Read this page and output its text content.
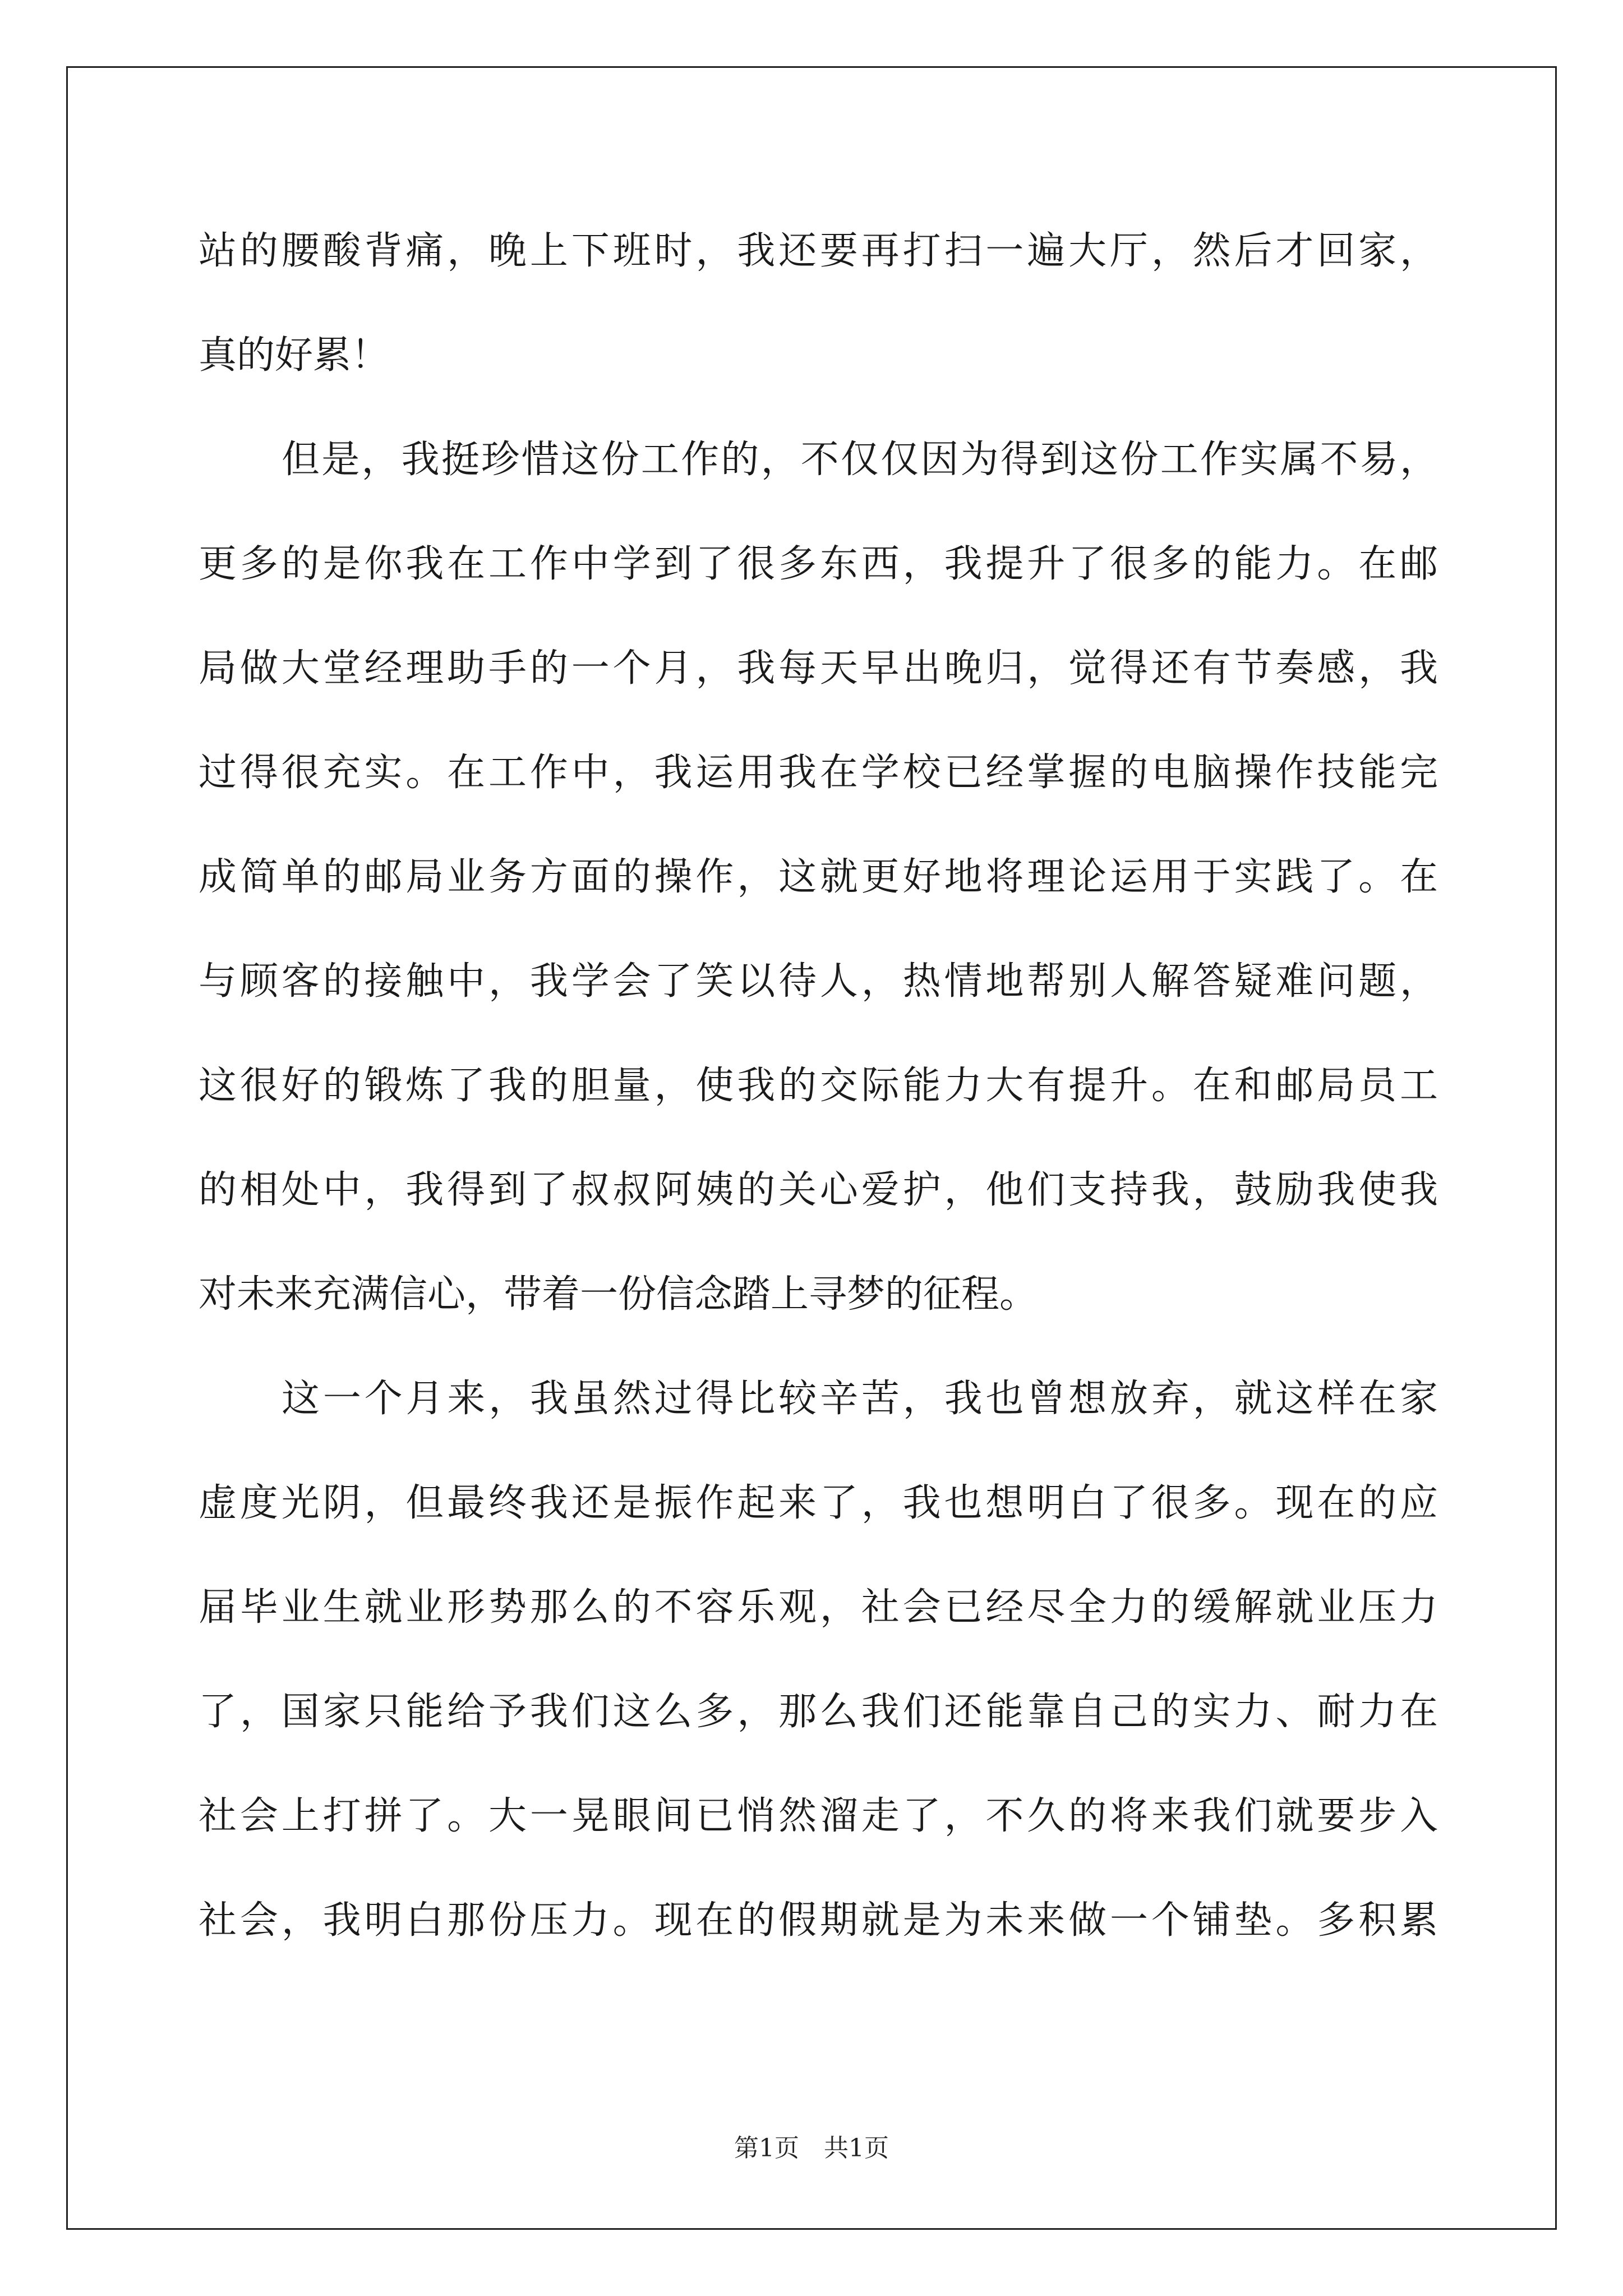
站的腰酸背痛，晚上下班时，我还要再打扫一遍大厅，然后才回家，
真的好累！
但是，我挺珍惜这份工作的，不仅仅因为得到这份工作实属不易，
更多的是你我在工作中学到了很多东西，我提升了很多的能力。在邮
局做大堂经理助手的一个月，我每天早出晚归，觉得还有节奏感，我
过得很充实。在工作中，我运用我在学校已经掌握的电脑操作技能完
成简单的邮局业务方面的操作，这就更好地将理论运用于实践了。在
与顾客的接触中，我学会了笑以待人，热情地帮别人解答疑难问题，
这很好的锻炼了我的胆量，使我的交际能力大有提升。在和邮局员工
的相处中，我得到了叔叔阿姨的关心爱护，他们支持我，鼓励我使我
对未来充满信心，带着一份信念踏上寻梦的征程。
这一个月来，我虽然过得比较辛苦，我也曾想放弃，就这样在家
虚度光阴，但最终我还是振作起来了，我也想明白了很多。现在的应
届毕业生就业形势那么的不容乐观，社会已经尽全力的缓解就业压力
了，国家只能给予我们这么多，那么我们还能靠自己的实力、耐力在
社会上打拼了。大一晃眼间已悄然溜走了，不久的将来我们就要步入
社会，我明白那份压力。现在的假期就是为未来做一个铺垫。多积累
第1页　共1页
